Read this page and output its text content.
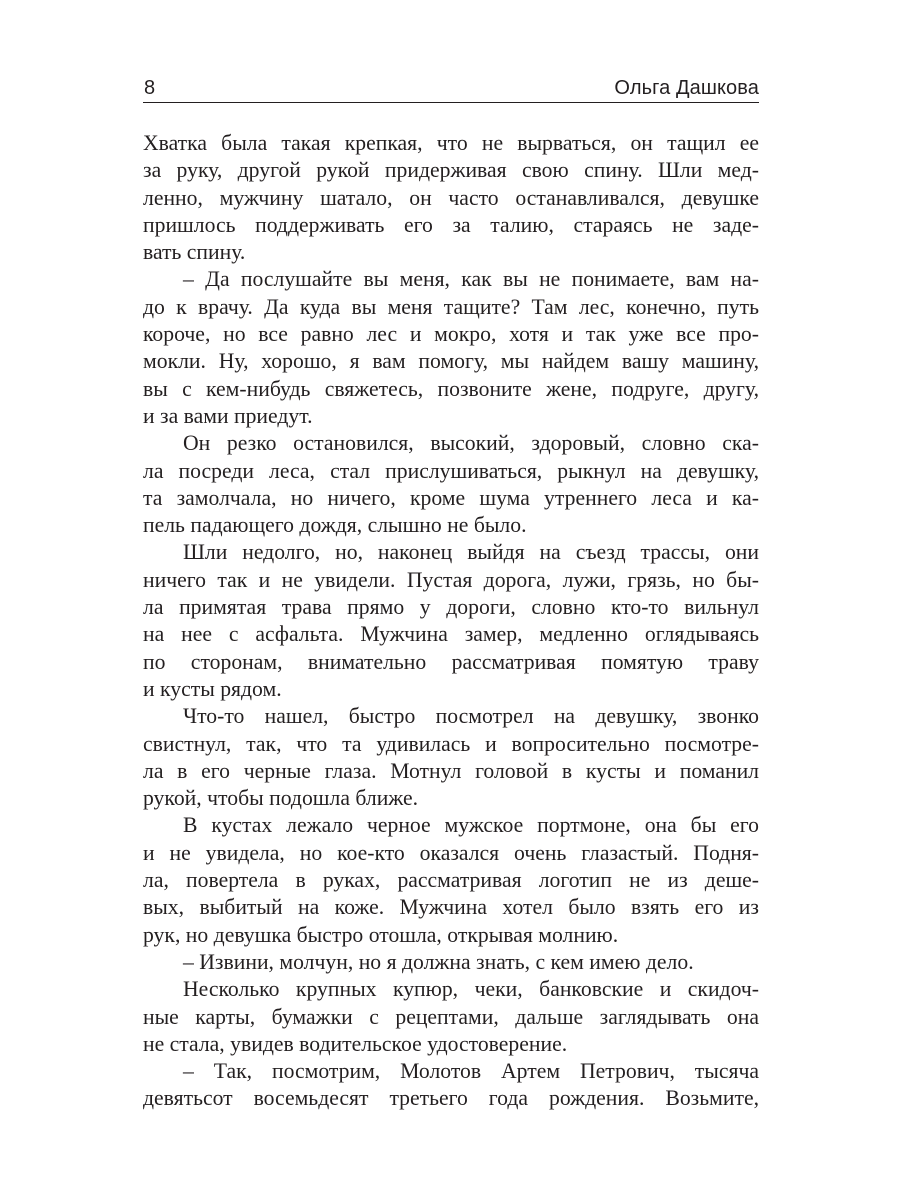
8	Ольга Дашкова
Хватка была такая крепкая, что не вырваться, он тащил ее
за руку, другой рукой придерживая свою спину. Шли мед-
ленно, мужчину шатало, он часто останавливался, девушке
пришлось поддерживать его за талию, стараясь не заде-
вать спину.
– Да послушайте вы меня, как вы не понимаете, вам на-
до к врачу. Да куда вы меня тащите? Там лес, конечно, путь
короче, но все равно лес и мокро, хотя и так уже все про-
мокли. Ну, хорошо, я вам помогу, мы найдем вашу машину,
вы с кем-нибудь свяжетесь, позвоните жене, подруге, другу,
и за вами приедут.
Он резко остановился, высокий, здоровый, словно ска-
ла посреди леса, стал прислушиваться, рыкнул на девушку,
та замолчала, но ничего, кроме шума утреннего леса и ка-
пель падающего дождя, слышно не было.
Шли недолго, но, наконец выйдя на съезд трассы, они
ничего так и не увидели. Пустая дорога, лужи, грязь, но бы-
ла примятая трава прямо у дороги, словно кто-то вильнул
на нее с асфальта. Мужчина замер, медленно оглядываясь
по сторонам, внимательно рассматривая помятую траву
и кусты рядом.
Что-то нашел, быстро посмотрел на девушку, звонко
свистнул, так, что та удивилась и вопросительно посмотре-
ла в его черные глаза. Мотнул головой в кусты и поманил
рукой, чтобы подошла ближе.
В кустах лежало черное мужское портмоне, она бы его
и не увидела, но кое-кто оказался очень глазастый. Подня-
ла, повертела в руках, рассматривая логотип не из деше-
вых, выбитый на коже. Мужчина хотел было взять его из
рук, но девушка быстро отошла, открывая молнию.
– Извини, молчун, но я должна знать, с кем имею дело.
Несколько крупных купюр, чеки, банковские и скидоч-
ные карты, бумажки с рецептами, дальше заглядывать она
не стала, увидев водительское удостоверение.
– Так, посмотрим, Молотов Артем Петрович, тысяча
девятьсот восемьдесят третьего года рождения. Возьмите,
